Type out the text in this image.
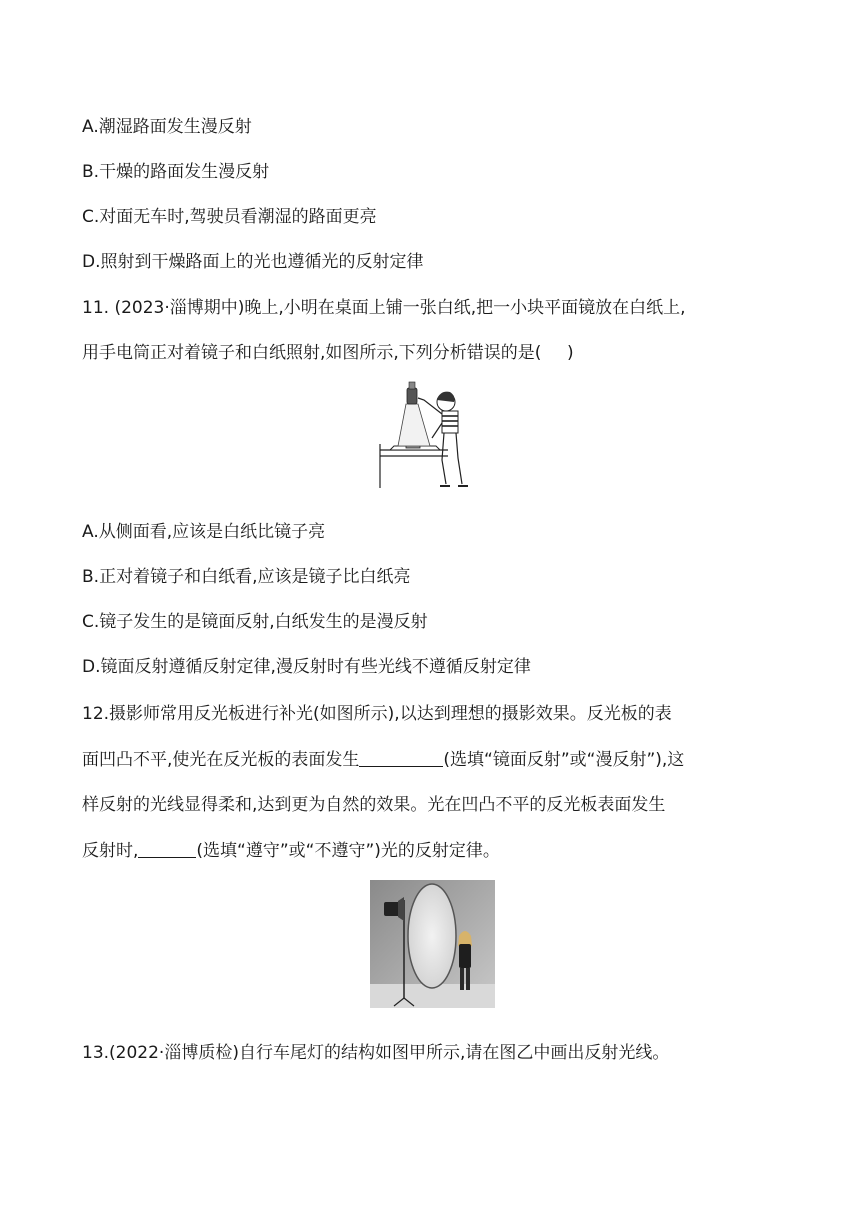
A.潮湿路面发生漫反射
B.干燥的路面发生漫反射
C.对面无车时,驾驶员看潮湿的路面更亮
D.照射到干燥路面上的光也遵循光的反射定律
11. (2023·淄博期中)晚上,小明在桌面上铺一张白纸,把一小块平面镜放在白纸上,
用手电筒正对着镜子和白纸照射,如图所示,下列分析错误的是(  )
A.从侧面看,应该是白纸比镜子亮
B.正对着镜子和白纸看,应该是镜子比白纸亮
C.镜子发生的是镜面反射,白纸发生的是漫反射
D.镜面反射遵循反射定律,漫反射时有些光线不遵循反射定律
12.摄影师常用反光板进行补光(如图所示),以达到理想的摄影效果。反光板的表
面凹凸不平,使光在反光板的表面发生	(选填“镜面反射”或“漫反射”),这
样反射的光线显得柔和,达到更为自然的效果。光在凹凸不平的反光板表面发生
反射时,	(选填“遵守”或“不遵守”)光的反射定律。
13.(2022·淄博质检)自行车尾灯的结构如图甲所示,请在图乙中画出反射光线。
